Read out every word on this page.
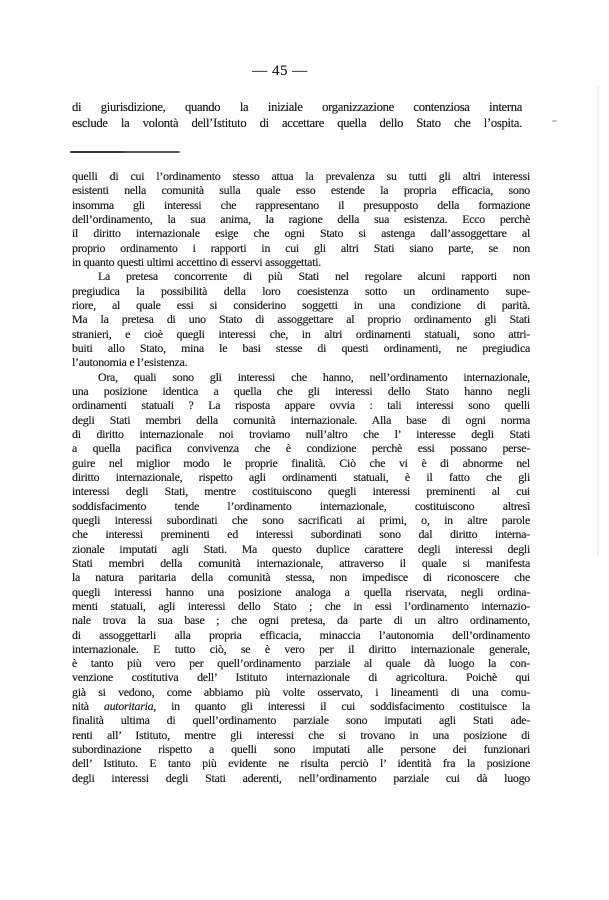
— 45 —
di giurisdizione, quando la iniziale organizzazione contenziosa interna
esclude la volontà dell’Istituto di accettare quella dello Stato che l’ospita.
quelli di cui l’ordinamento stesso attua la prevalenza su tutti gli altri interessi
esistenti nella comunità sulla quale esso estende la propria efficacia, sono
insomma gli interessi che rappresentano il presupposto della formazione
dell’ordinamento, la sua anima, la ragione della sua esistenza. Ecco perchè
il diritto internazionale esige che ogni Stato si astenga dall’assoggettare al
proprio ordinamento i rapporti in cui gli altri Stati siano parte, se non
in quanto questi ultimi accettino di esservi assoggettati.
La pretesa concorrente di più Stati nel regolare alcuni rapporti non
pregiudica la possibilità della loro coesistenza sotto un ordinamento supe-
riore, al quale essi si considerino soggetti in una condizione di parità.
Ma la pretesa di uno Stato di assoggettare al proprio ordinamento gli Stati
stranieri, e cioè quegli interessi che, in altri ordinamenti statuali, sono attri-
buiti allo Stato, mina le basi stesse di questi ordinamenti, ne pregiudica
l’autonomia e l’esistenza.
Ora, quali sono gli interessi che hanno, nell’ordinamento internazionale,
una posizione identica a quella che gli interessi dello Stato hanno negli
ordinamenti statuali ? La risposta appare ovvia : tali interessi sono quelli
degli Stati membri della comunità internazionale. Alla base di ogni norma
di diritto internazionale noi troviamo null’altro che l’ interesse degli Stati
a quella pacifica convivenza che è condizione perchè essi possano perse-
guire nel miglior modo le proprie finalità. Ciò che vi è di abnorme nel
diritto internazionale, rispetto agli ordinamenti statuali, è il fatto che gli
interessi degli Stati, mentre costituiscono quegli interessi preminenti al cui
soddisfacimento tende l’ordinamento internazionale, costituiscono altresì
quegli interessi subordinati che sono sacrificati ai primi, o, in altre parole
che interessi preminenti ed interessi subordinati sono dal diritto interna-
zionale imputati agli Stati. Ma questo duplice carattere degli interessi degli
Stati membri della comunità internazionale, attraverso il quale si manifesta
la natura paritaria della comunità stessa, non impedisce di riconoscere che
quegli interessi hanno una posizione analoga a quella riservata, negli ordina-
menti statuali, agli interessi dello Stato ; che in essi l’ordinamento internazio-
nale trova la sua base ; che ogni pretesa, da parte di un altro ordinamento,
di assoggettarli alla propria efficacia, minaccia l’autonomia dell’ordinamento
internazionale. E tutto ciò, se è vero per il diritto internazionale generale,
è tanto più vero per quell’ordinamento parziale al quale dà luogo la con-
venzione costitutiva dell’ Istituto internazionale di agricoltura. Poichè qui
già si vedono, come abbiamo più volte osservato, i lineamenti di una comu-
nità autoritaria, in quanto gli interessi il cui soddisfacimento costituisce la
finalità ultima di quell’ordinamento parziale sono imputati agli Stati ade-
renti all’ Istituto, mentre gli interessi che si trovano in una posizione di
subordinazione rispetto a quelli sono imputati alle persone dei funzionari
dell’ Istituto. E tanto più evidente ne risulta perciò l’ identità fra la posizione
degli interessi degli Stati aderenti, nell’ordinamento parziale cui dà luogo
